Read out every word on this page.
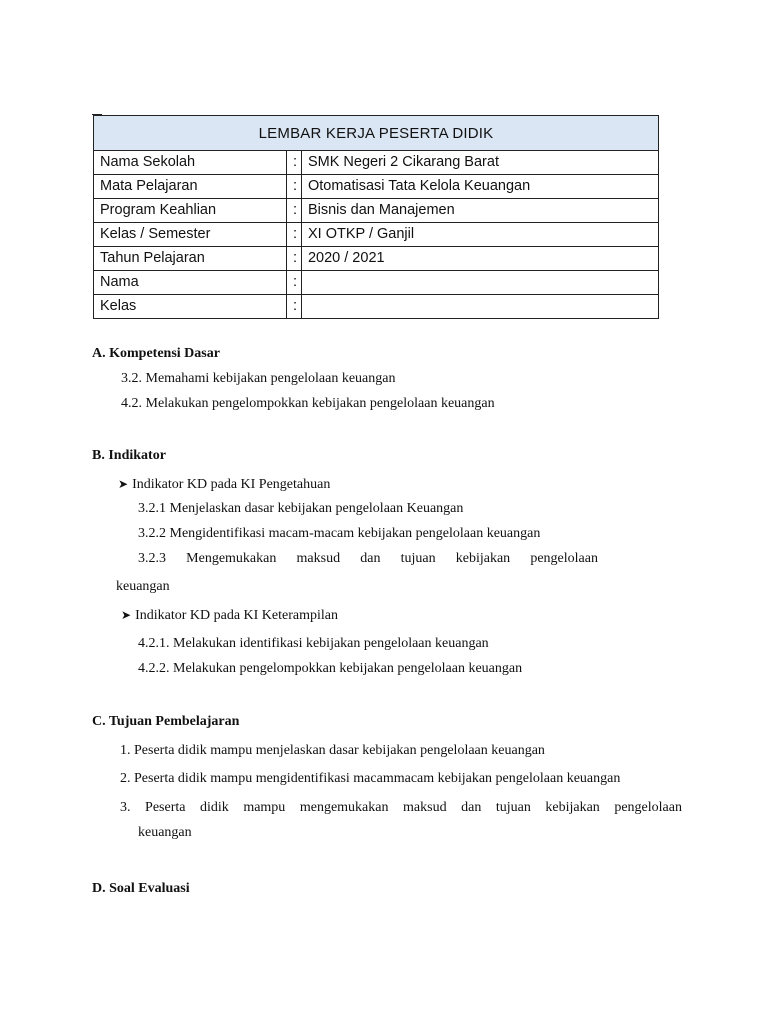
LEMBAR KERJA PESERTA DIDIK		
Nama Sekolah	:	SMK Negeri 2 Cikarang Barat
Mata Pelajaran	:	Otomatisasi Tata Kelola Keuangan
Program Keahlian	:	Bisnis dan Manajemen
Kelas / Semester	:	XI OTKP / Ganjil
Tahun Pelajaran	:	2020 / 2021
Nama	:	
Kelas	:	
A. Kompetensi Dasar
3.2. Memahami kebijakan pengelolaan keuangan
4.2. Melakukan pengelompokkan kebijakan pengelolaan keuangan
B. Indikator
➤ Indikator KD pada KI Pengetahuan
3.2.1 Menjelaskan dasar kebijakan pengelolaan Keuangan
3.2.2 Mengidentifikasi macam-macam kebijakan pengelolaan keuangan
3.2.3 Mengemukakan maksud dan tujuan kebijakan pengelolaan
keuangan
➤ Indikator KD pada KI Keterampilan
4.2.1. Melakukan identifikasi kebijakan pengelolaan keuangan
4.2.2. Melakukan pengelompokkan kebijakan pengelolaan keuangan
C. Tujuan Pembelajaran
1. Peserta didik mampu menjelaskan dasar kebijakan pengelolaan keuangan
2. Peserta didik mampu mengidentifikasi macammacam kebijakan pengelolaan keuangan
3. Peserta didik mampu mengemukakan maksud dan tujuan kebijakan pengelolaan
keuangan
D. Soal Evaluasi
